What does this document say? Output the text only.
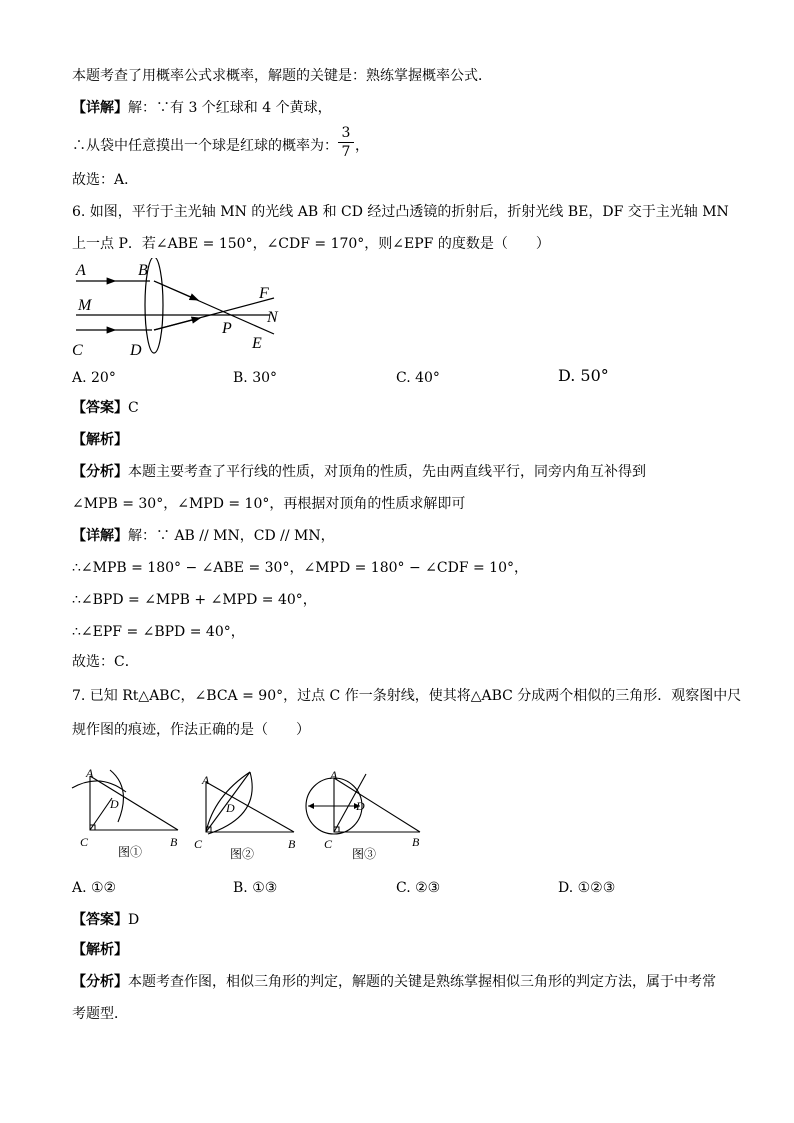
本题考查了用概率公式求概率，解题的关键是：熟练掌握概率公式．
【详解】解：∵有 3 个红球和 4 个黄球，
∴从袋中任意摸出一个球是红球的概率为：
3
7 ，
故选：A．
6. 如图，平行于主光轴 MN 的光线 AB 和 CD 经过凸透镜的折射后，折射光线 BE，DF 交于主光轴 MN
上一点 P．若∠ABE = 150°，∠CDF = 170°，则∠EPF 的度数是（　　）
A	B
M
C	D
F
N
P
E
A. 20°	B. 30°	C. 40°	D. 50°
【答案】C
【解析】
【分析】本题主要考查了平行线的性质，对顶角的性质，先由两直线平行，同旁内角互补得到
∠MPB = 30°，∠MPD = 10°，再根据对顶角的性质求解即可
【详解】解：∵ AB // MN，CD // MN，
∴∠MPB = 180° − ∠ABE = 30°，∠MPD = 180° − ∠CDF = 10°，
∴∠BPD = ∠MPB + ∠MPD = 40°，
∴∠EPF = ∠BPD = 40°，
故选：C．
7. 已知 Rt△ABC，∠BCA = 90°，过点 C 作一条射线，使其将△ABC 分成两个相似的三角形．观察图中尺
规作图的痕迹，作法正确的是（　　）
A
D
C	B
图①
A
D
C	B
图②
A
D
C	B
图③
A. ①②	B. ①③	C. ②③	D. ①②③
【答案】D
【解析】
【分析】本题考查作图，相似三角形的判定，解题的关键是熟练掌握相似三角形的判定方法，属于中考常
考题型．
